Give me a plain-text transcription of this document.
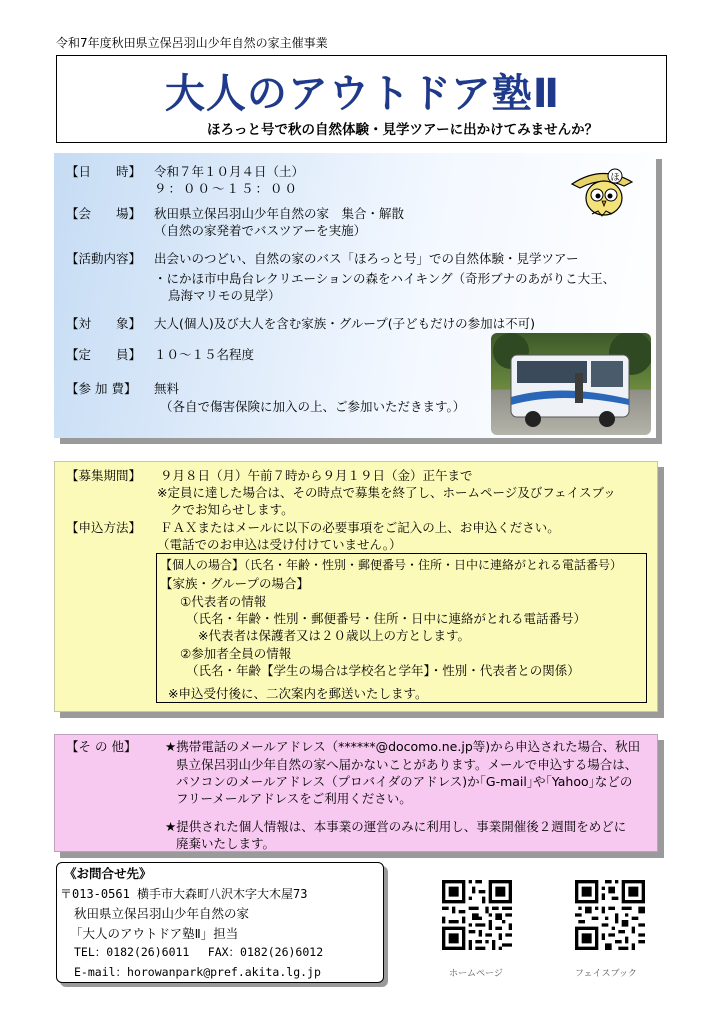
令和7年度秋田県立保呂羽山少年自然の家主催事業
大人のアウトドア塾Ⅱ
ほろっと号で秋の自然体験・見学ツアーに出かけてみませんか？
ほ
【日　　時】 令和７年１０月４日（土）
９：００～１５：００
【会　　場】 秋田県立保呂羽山少年自然の家　集合・解散
（自然の家発着でバスツアーを実施）
【活動内容】 出会いのつどい、自然の家のバス「ほろっと号」での自然体験・見学ツアー
・にかほ市中島台レクリエーションの森をハイキング（奇形ブナのあがりこ大王、
鳥海マリモの見学）
【対　　象】 大人(個人)及び大人を含む家族・グループ(子どもだけの参加は不可)
【定　　員】 １０～１５名程度
【参 加 費】 無料
（各自で傷害保険に加入の上、ご参加いただきます。）
【募集期間】 ９月８日（月）午前７時から９月１９日（金）正午まで
※定員に達した場合は、その時点で募集を終了し、ホームページ及びフェイスブッ
クでお知らせします。
【申込方法】 ＦＡＸまたはメールに以下の必要事項をご記入の上、お申込ください。
（電話でのお申込は受け付けていません。）
【個人の場合】（氏名・年齢・性別・郵便番号・住所・日中に連絡がとれる電話番号）
【家族・グループの場合】
①代表者の情報
（氏名・年齢・性別・郵便番号・住所・日中に連絡がとれる電話番号）
※代表者は保護者又は２０歳以上の方とします。
②参加者全員の情報
（氏名・年齢【学生の場合は学校名と学年】・性別・代表者との関係）
※申込受付後に、二次案内を郵送いたします。
【そ の 他】 ★携帯電話のメールアドレス（******@docomo.ne.jp等)から申込された場合、秋田
県立保呂羽山少年自然の家へ届かないことがあります。メールで申込する場合は、
パソコンのメールアドレス（プロバイダのアドレス)か｢G-mail｣や｢Yahoo｣などの
フリーメールアドレスをご利用ください。
★提供された個人情報は、本事業の運営のみに利用し、事業開催後２週間をめどに
廃棄いたします。
《お問合せ先》
〒013-0561 横手市大森町八沢木字大木屋73
秋田県立保呂羽山少年自然の家
「大人のアウトドア塾Ⅱ」担当
TEL：0182(26)6011　 FAX：0182(26)6012
E-mail：horowanpark@pref.akita.lg.jp	ホームページ	フェイスブック
